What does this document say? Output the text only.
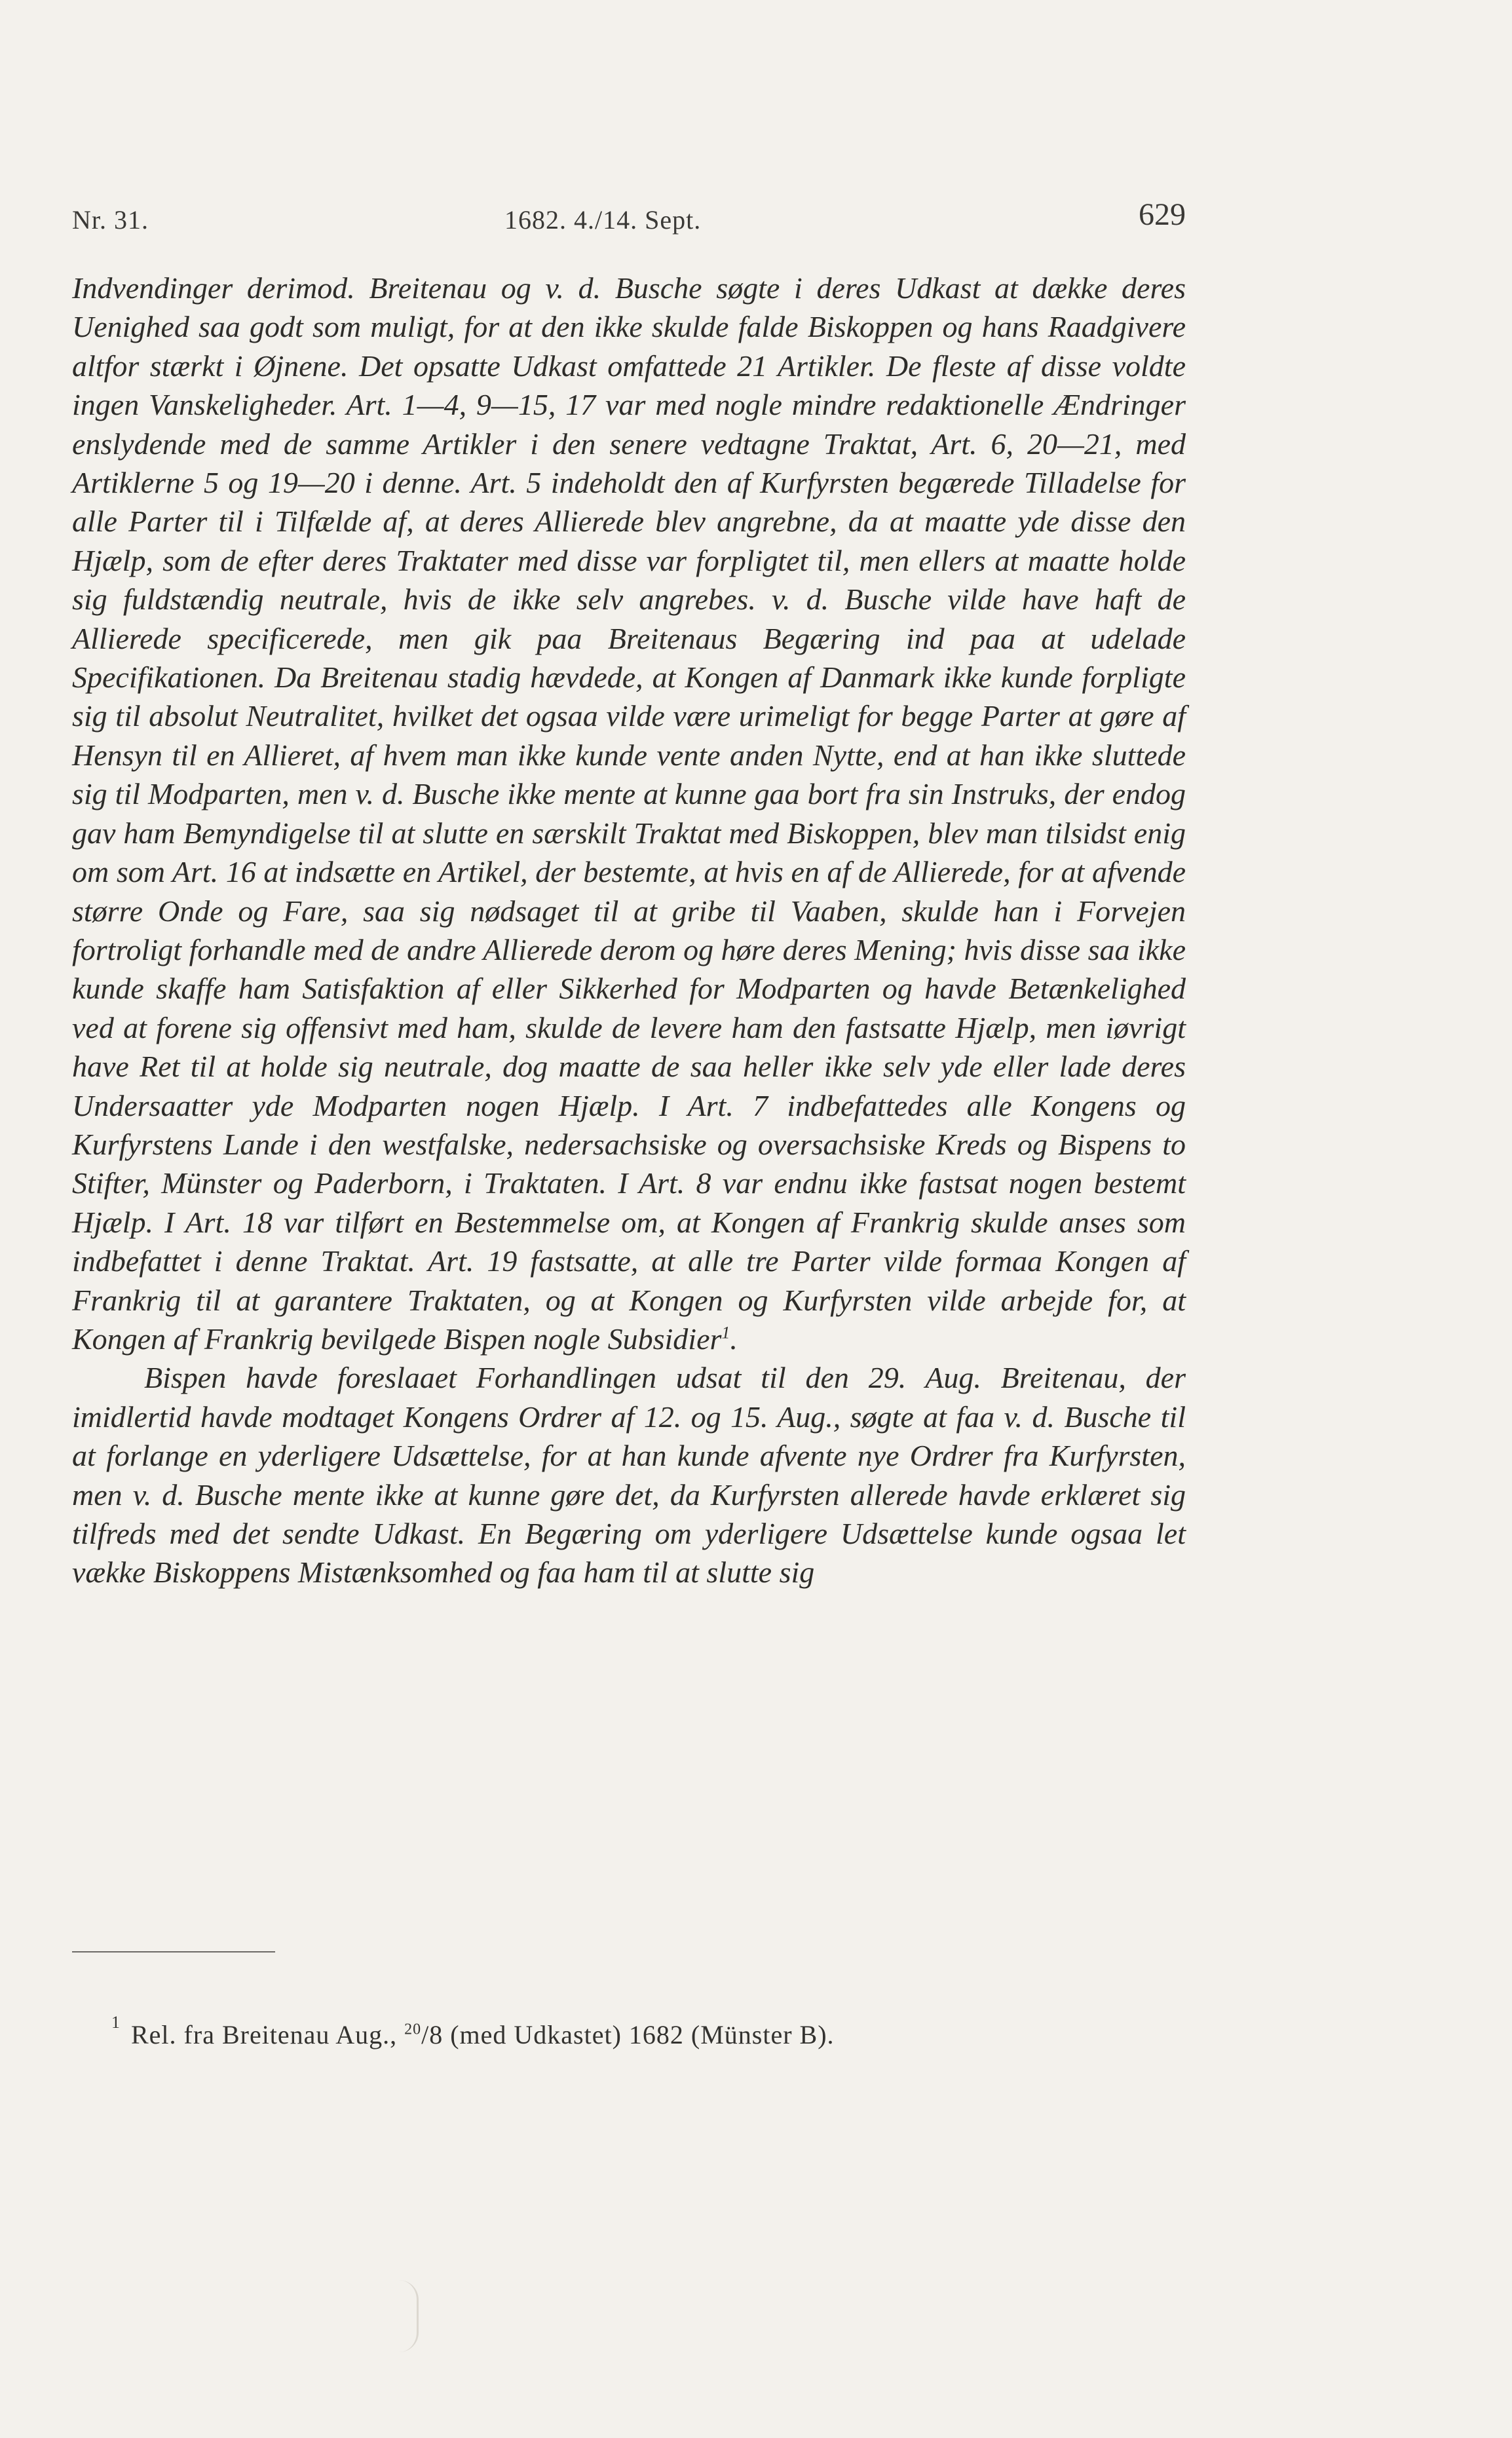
Nr. 31.	1682. 4./14. Sept.	629

Indvendinger derimod. Breitenau og v. d. Busche søgte i deres Udkast at dække deres Uenighed saa godt som muligt, for at den ikke skulde falde Biskoppen og hans Raadgivere altfor stærkt i Øjnene. Det opsatte Udkast omfattede 21 Artikler. De fleste af disse voldte ingen Vanskeligheder. Art. 1—4, 9—15, 17 var med nogle mindre redaktionelle Ændringer enslydende med de samme Artikler i den senere vedtagne Traktat, Art. 6, 20—21, med Artiklerne 5 og 19—20 i denne. Art. 5 indeholdt den af Kurfyrsten begærede Tilladelse for alle Parter til i Tilfælde af, at deres Allierede blev angrebne, da at maatte yde disse den Hjælp, som de efter deres Traktater med disse var forpligtet til, men ellers at maatte holde sig fuldstændig neutrale, hvis de ikke selv angrebes. v. d. Busche vilde have haft de Allierede specificerede, men gik paa Breitenaus Begæring ind paa at udelade Specifikationen. Da Breitenau stadig hævdede, at Kongen af Danmark ikke kunde forpligte sig til absolut Neutralitet, hvilket det ogsaa vilde være urimeligt for begge Parter at gøre af Hensyn til en Allieret, af hvem man ikke kunde vente anden Nytte, end at han ikke sluttede sig til Modparten, men v. d. Busche ikke mente at kunne gaa bort fra sin Instruks, der endog gav ham Bemyndigelse til at slutte en særskilt Traktat med Biskoppen, blev man tilsidst enig om som Art. 16 at indsætte en Artikel, der bestemte, at hvis en af de Allierede, for at afvende større Onde og Fare, saa sig nødsaget til at gribe til Vaaben, skulde han i Forvejen fortroligt forhandle med de andre Allierede derom og høre deres Mening; hvis disse saa ikke kunde skaffe ham Satisfaktion af eller Sikkerhed for Modparten og havde Betænkelighed ved at forene sig offensivt med ham, skulde de levere ham den fastsatte Hjælp, men iøvrigt have Ret til at holde sig neutrale, dog maatte de saa heller ikke selv yde eller lade deres Undersaatter yde Modparten nogen Hjælp. I Art. 7 indbefattedes alle Kongens og Kurfyrstens Lande i den westfalske, nedersachsiske og oversachsiske Kreds og Bispens to Stifter, Münster og Paderborn, i Traktaten. I Art. 8 var endnu ikke fastsat nogen bestemt Hjælp. I Art. 18 var tilført en Bestemmelse om, at Kongen af Frankrig skulde anses som indbefattet i denne Traktat. Art. 19 fastsatte, at alle tre Parter vilde formaa Kongen af Frankrig til at garantere Traktaten, og at Kongen og Kurfyrsten vilde arbejde for, at Kongen af Frankrig bevilgede Bispen nogle Subsidier$^1$.

Bispen havde foreslaaet Forhandlingen udsat til den 29. Aug. Breitenau, der imidlertid havde modtaget Kongens Ordrer af 12. og 15. Aug., søgte at faa v. d. Busche til at forlange en yderligere Udsættelse, for at han kunde afvente nye Ordrer fra Kurfyrsten, men v. d. Busche mente ikke at kunne gøre det, da Kurfyrsten allerede havde erklæret sig tilfreds med det sendte Udkast. En Begæring om yderligere Udsættelse kunde ogsaa let vække Biskoppens Mistænksomhed og faa ham til at slutte sig

1 Rel. fra Breitenau Aug., $^{20}$/8 (med Udkastet) 1682 (Münster B).
